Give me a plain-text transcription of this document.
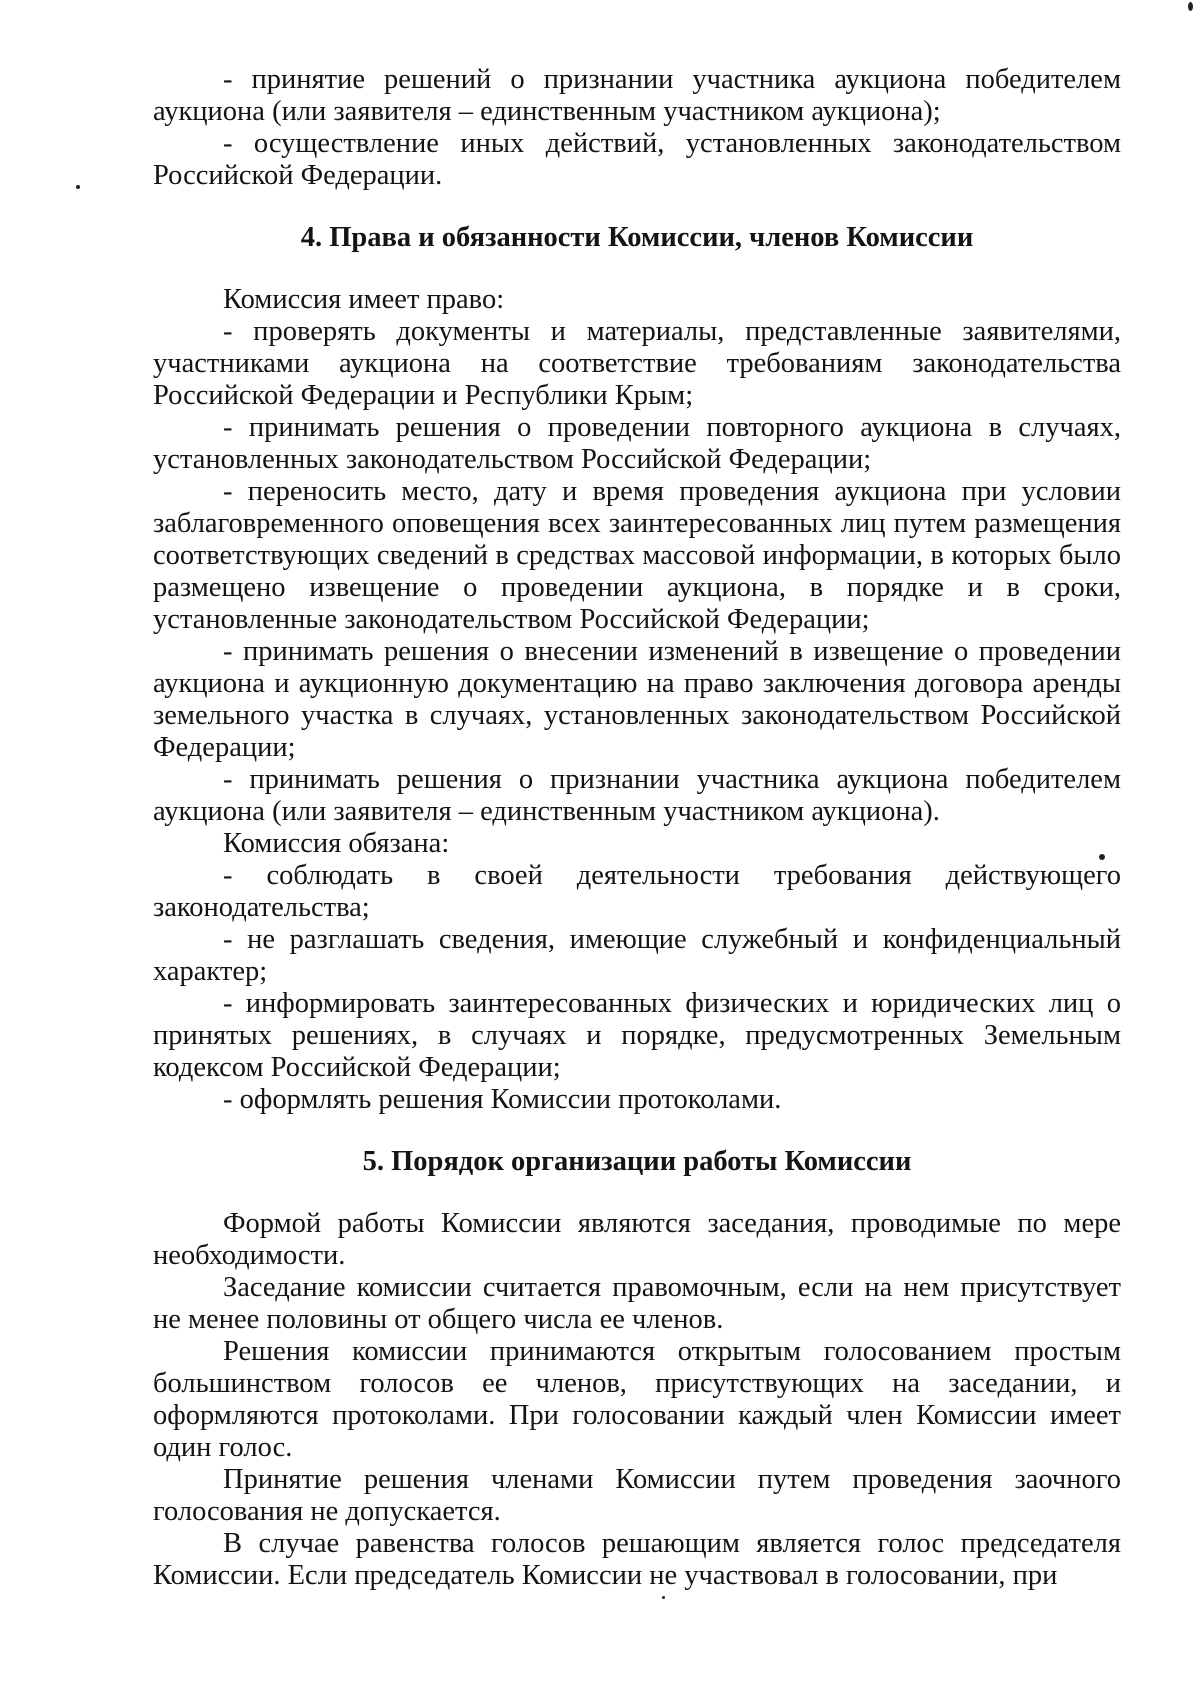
- принятие решений о признании участника аукциона победителем аукциона (или заявителя – единственным участником аукциона);

- осуществление иных действий, установленных законодательством Российской Федерации.

4. Права и обязанности Комиссии, членов Комиссии

Комиссия имеет право:

- проверять документы и материалы, представленные заявителями, участниками аукциона на соответствие требованиям законодательства Российской Федерации и Республики Крым;

- принимать решения о проведении повторного аукциона в случаях, установленных законодательством Российской Федерации;

- переносить место, дату и время проведения аукциона при условии заблаговременного оповещения всех заинтересованных лиц путем размещения соответствующих сведений в средствах массовой информации, в которых было размещено извещение о проведении аукциона, в порядке и в сроки, установленные законодательством Российской Федерации;

- принимать решения о внесении изменений в извещение о проведении аукциона и аукционную документацию на право заключения договора аренды земельного участка в случаях, установленных законодательством Российской Федерации;

- принимать решения о признании участника аукциона победителем аукциона (или заявителя – единственным участником аукциона).

Комиссия обязана:

- соблюдать в своей деятельности требования действующего законодательства;

- не разглашать сведения, имеющие служебный и конфиденциальный характер;

- информировать заинтересованных физических и юридических лиц о принятых решениях, в случаях и порядке, предусмотренных Земельным кодексом Российской Федерации;

- оформлять решения Комиссии протоколами.

5. Порядок организации работы Комиссии

Формой работы Комиссии являются заседания, проводимые по мере необходимости.

Заседание комиссии считается правомочным, если на нем присутствует не менее половины от общего числа ее членов.

Решения комиссии принимаются открытым голосованием простым большинством голосов ее членов, присутствующих на заседании, и оформляются протоколами. При голосовании каждый член Комиссии имеет один голос.

Принятие решения членами Комиссии путем проведения заочного голосования не допускается.

В случае равенства голосов решающим является голос председателя Комиссии. Если председатель Комиссии не участвовал в голосовании, при
